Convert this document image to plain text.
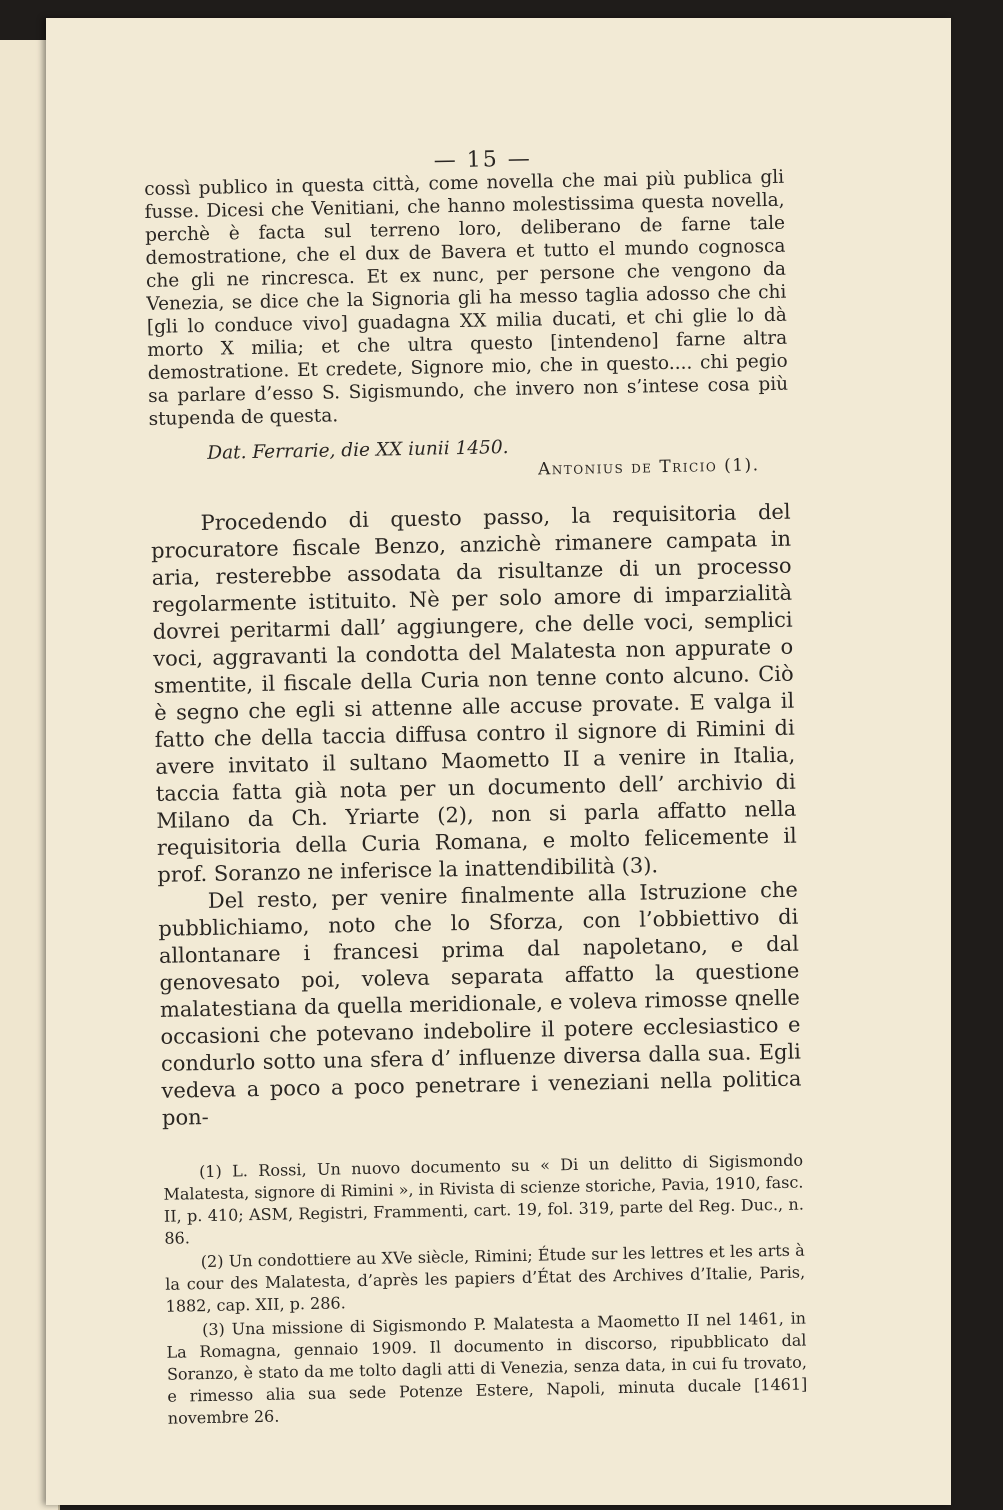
— 15 —

cossì publico in questa città, come novella che mai più publica gli fusse. Dicesi che Venitiani, che hanno molestissima questa novella, perchè è facta sul terreno loro, deliberano de farne tale demostratione, che el dux de Bavera et tutto el mundo cognosca che gli ne rincresca. Et ex nunc, per persone che vengono da Venezia, se dice che la Signoria gli ha messo taglia adosso che chi [gli lo conduce vivo] guadagna XX milia ducati, et chi glie lo dà morto X milia; et che ultra questo [intendeno] farne altra demostratione. Et credete, Signore mio, che in questo.... chi pegio sa parlare d’esso S. Sigismundo, che invero non s’intese cosa più stupenda de questa.

Dat. Ferrarie, die XX iunii 1450.
Antonius de Tricio (1).

Procedendo di questo passo, la requisitoria del procuratore fiscale Benzo, anzichè rimanere campata in aria, resterebbe assodata da risultanze di un processo regolarmente istituito. Nè per solo amore di imparzialità dovrei peritarmi dall’ aggiungere, che delle voci, semplici voci, aggravanti la condotta del Malatesta non appurate o smentite, il fiscale della Curia non tenne conto alcuno. Ciò è segno che egli si attenne alle accuse provate. E valga il fatto che della taccia diffusa contro il signore di Rimini di avere invitato il sultano Maometto II a venire in Italia, taccia fatta già nota per un documento dell’ archivio di Milano da Ch. Yriarte (2), non si parla affatto nella requisitoria della Curia Romana, e molto felicemente il prof. Soranzo ne inferisce la inattendibilità (3).

Del resto, per venire finalmente alla Istruzione che pubblichiamo, noto che lo Sforza, con l’obbiettivo di allontanare i francesi prima dal napoletano, e dal genovesato poi, voleva separata affatto la questione malatestiana da quella meridionale, e voleva rimosse qnelle occasioni che potevano indebolire il potere ecclesiastico e condurlo sotto una sfera d’ influenze diversa dalla sua. Egli vedeva a poco a poco penetrare i veneziani nella politica pon-

(1) L. Rossi, Un nuovo documento su « Di un delitto di Sigismondo Malatesta, signore di Rimini », in Rivista di scienze storiche, Pavia, 1910, fasc. II, p. 410; ASM, Registri, Frammenti, cart. 19, fol. 319, parte del Reg. Duc., n. 86.

(2) Un condottiere au XVe siècle, Rimini; Étude sur les lettres et les arts à la cour des Malatesta, d’après les papiers d’État des Archives d’Italie, Paris, 1882, cap. XII, p. 286.

(3) Una missione di Sigismondo P. Malatesta a Maometto II nel 1461, in La Romagna, gennaio 1909. Il documento in discorso, ripubblicato dal Soranzo, è stato da me tolto dagli atti di Venezia, senza data, in cui fu trovato, e rimesso alia sua sede Potenze Estere, Napoli, minuta ducale [1461] novembre 26.
